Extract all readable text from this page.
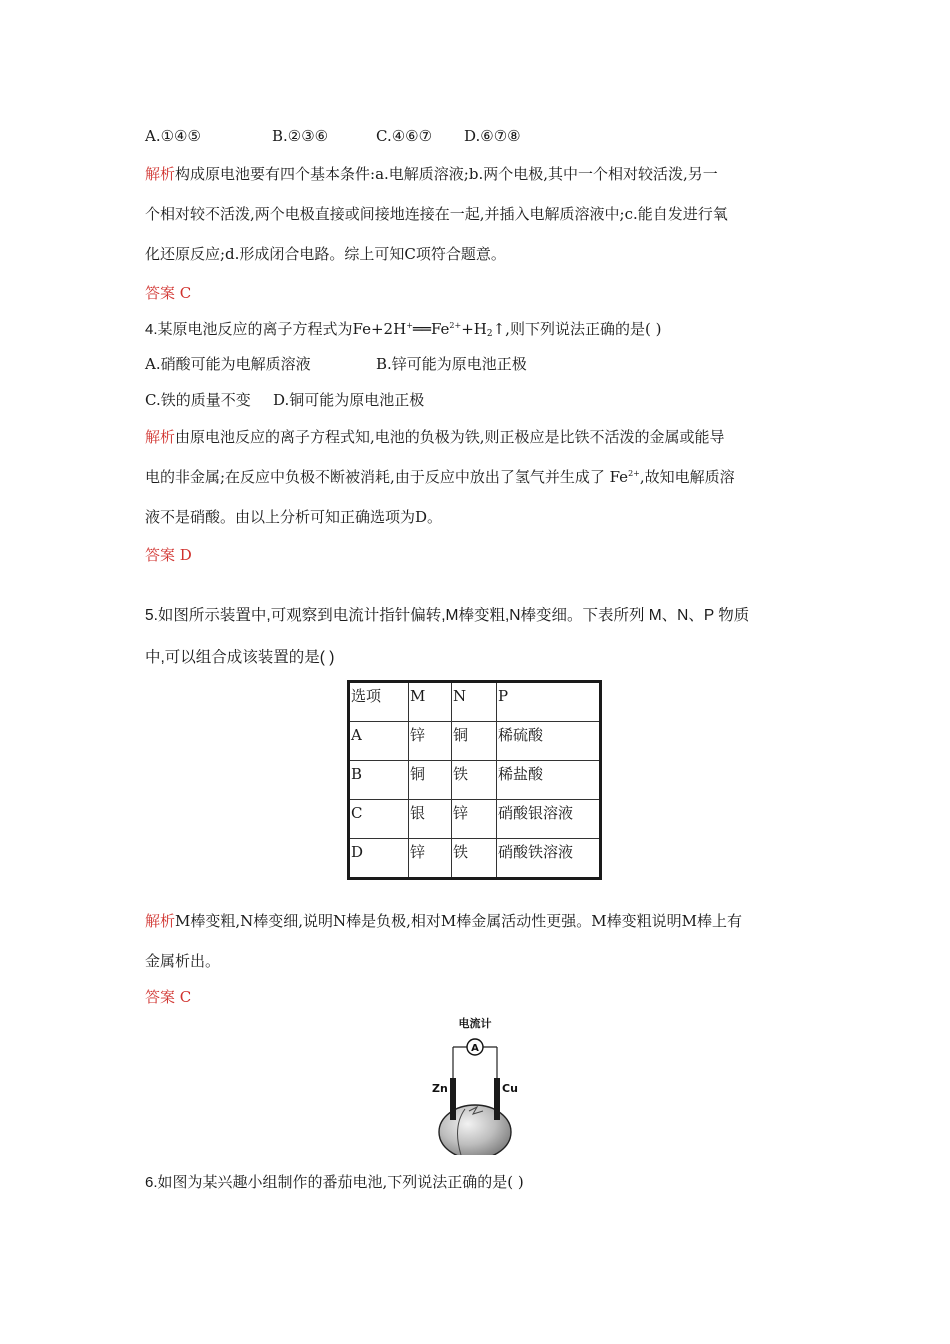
A.①④⑤	B.②③⑥	C.④⑥⑦ D.⑥⑦⑧
解析构成原电池要有四个基本条件:a.电解质溶液;b.两个电极,其中一个相对较活泼,另一
个相对较不活泼,两个电极直接或间接地连接在一起,并插入电解质溶液中;c.能自发进行氧
化还原反应;d.形成闭合电路。综上可知C项符合题意。
答案 C
4.某原电池反应的离子方程式为$Fe+2H^+══Fe^{2+}+H_2↑$,则下列说法正确的是( )
A.硝酸可能为电解质溶液	B.锌可能为原电池正极
C.铁的质量不变 D.铜可能为原电池正极
解析由原电池反应的离子方程式知,电池的负极为铁,则正极应是比铁不活泼的金属或能导
电的非金属;在反应中负极不断被消耗,由于反应中放出了氢气并生成了 $Fe^{2+}$,故知电解质溶
液不是硝酸。由以上分析可知正确选项为D。
答案 D
5.如图所示装置中,可观察到电流计指针偏转,M棒变粗,N棒变细。下表所列 M、N、P 物质
中,可以组合成该装置的是( )
选项	M	N	P
A	锌	铜	稀硫酸
B	铜	铁	稀盐酸
C	银	锌	硝酸银溶液
D	锌	铁	硝酸铁溶液
解析M棒变粗,N棒变细,说明N棒是负极,相对M棒金属活动性更强。M棒变粗说明M棒上有
金属析出。
答案 C
电流计
A
Zn	Cu
6.如图为某兴趣小组制作的番茄电池,下列说法正确的是( )
